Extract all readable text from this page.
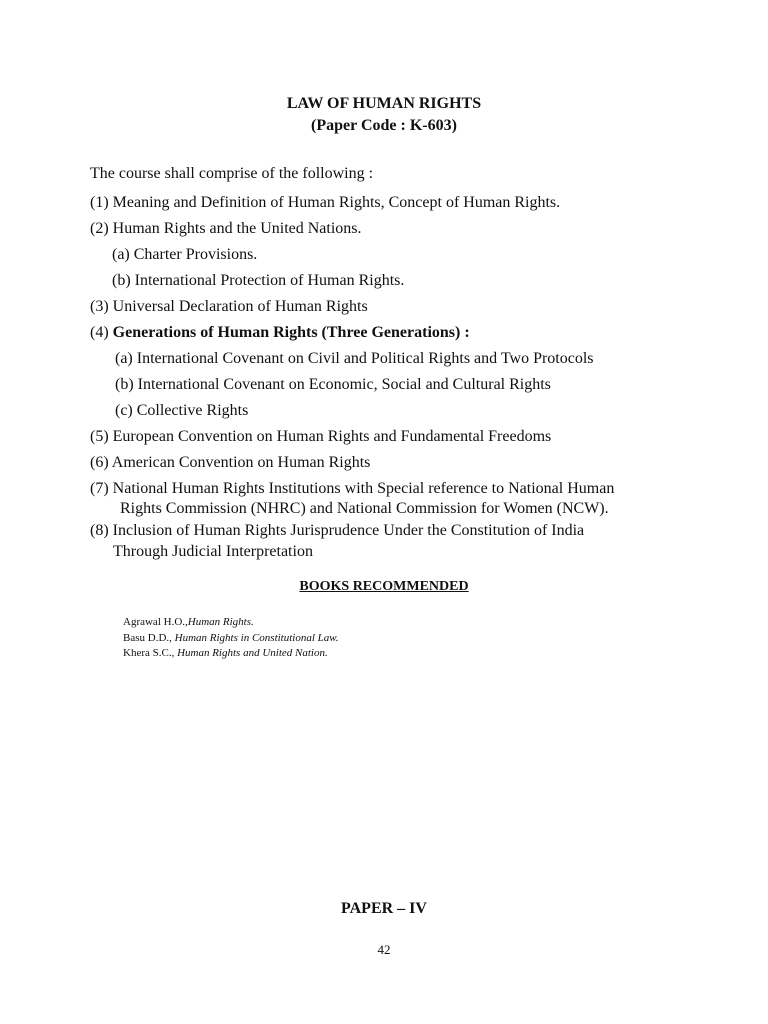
LAW OF HUMAN RIGHTS
(Paper Code : K-603)
The course shall comprise of the following :
(1) Meaning and Definition of Human Rights, Concept of Human Rights.
(2) Human Rights and the United Nations.
(a) Charter Provisions.
(b) International Protection of Human Rights.
(3) Universal Declaration of Human Rights
(4) Generations of Human Rights (Three Generations) :
(a) International Covenant on Civil and Political Rights and Two Protocols
(b) International Covenant on Economic, Social and Cultural Rights
(c) Collective Rights
(5) European Convention on Human Rights and Fundamental Freedoms
(6) American Convention on Human Rights
(7) National Human Rights Institutions with Special reference to National Human
Rights Commission (NHRC) and National Commission for Women (NCW).
(8) Inclusion of Human Rights Jurisprudence Under the Constitution of India
Through Judicial Interpretation
BOOKS RECOMMENDED
Agrawal H.O.,Human Rights.
Basu D.D., Human Rights in Constitutional Law.
Khera S.C., Human Rights and United Nation.
PAPER – IV
42
